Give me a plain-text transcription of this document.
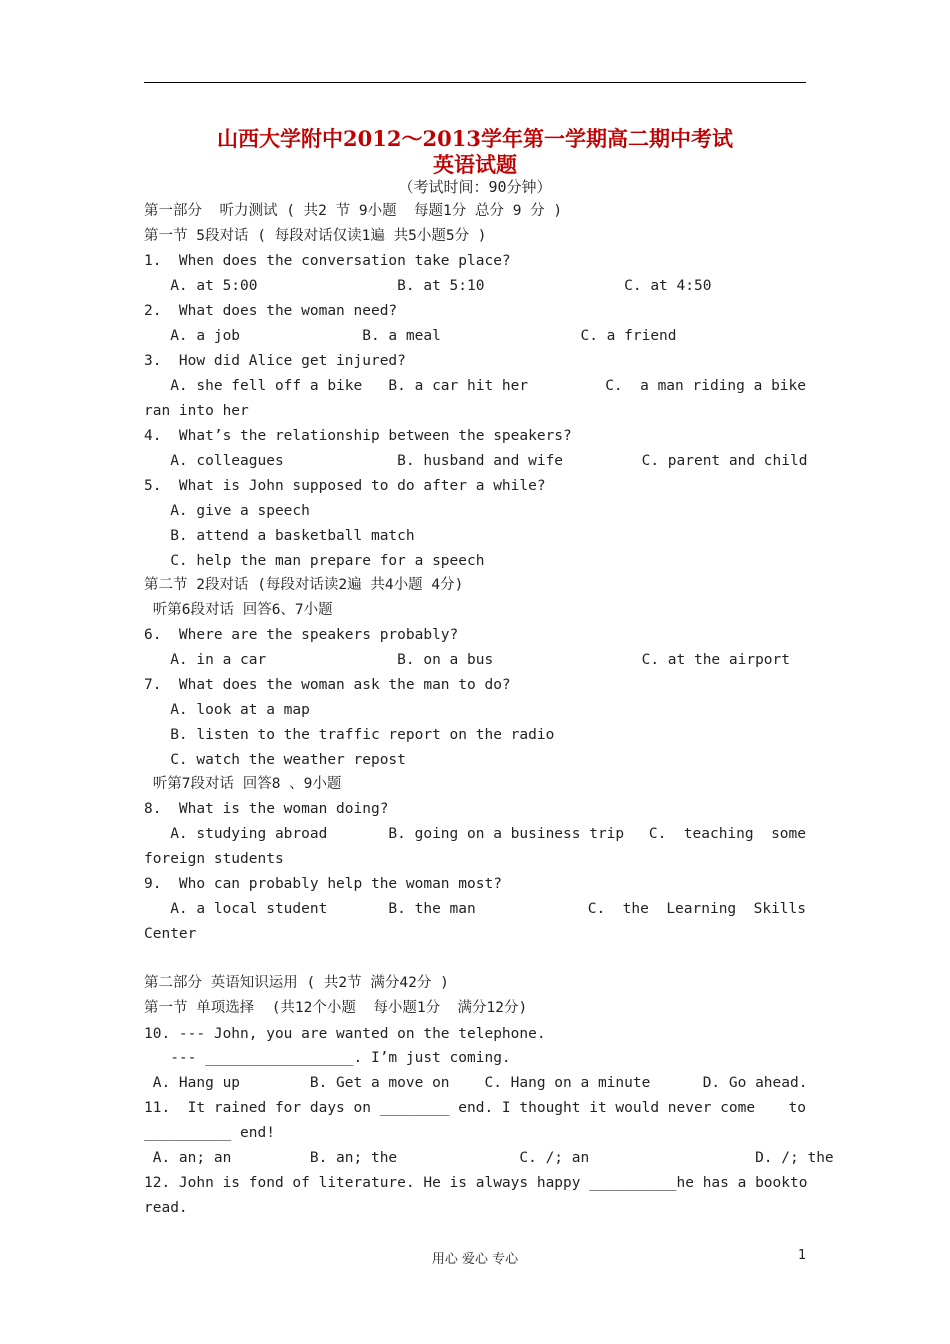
山西大学附中2012～2013学年第一学期高二期中考试
英语试题
（考试时间：90分钟）
第一部分  听力测试 ( 共2 节 9小题  每题1分 总分 9 分 )
第一节 5段对话 ( 每段对话仅读1遍 共5小题5分 )
1.  When does the conversation take place?
A. at 5:00                B. at 5:10                C. at 4:50
2.  What does the woman need?
A. a job              B. a meal                C. a friend
3.  How did Alice get injured?
A. she fell off a bike   B. a car hit her	C.  a man riding a bike
ran into her
4.  What’s the relationship between the speakers?
A. colleagues             B. husband and wife         C. parent and child
5.  What is John supposed to do after a while?
A. give a speech
B. attend a basketball match
C. help the man prepare for a speech
第二节 2段对话 (每段对话读2遍 共4小题 4分)
听第6段对话 回答6、7小题
6.  Where are the speakers probably?
A. in a car               B. on a bus                 C. at the airport
7.  What does the woman ask the man to do?
A. look at a map
B. listen to the traffic report on the radio
C. watch the weather repost
听第7段对话 回答8 、9小题
8.  What is the woman doing?
A. studying abroad       B. going on a business trip C.  teaching  some
foreign students
9.  Who can probably help the woman most?
A. a local student       B. the man	C.  the  Learning  Skills
Center
第二部分 英语知识运用 ( 共2节 满分42分 )
第一节 单项选择  (共12个小题  每小题1分  满分12分)
10. --- John, you are wanted on the telephone.
--- _________________. I’m just coming.
A. Hang up        B. Get a move on    C. Hang on a minute      D. Go ahead.
11.  It rained for days on ________ end. I thought it would never come to
__________ end!
A. an; an         B. an; the              C. /; an                   D. /; the
12. John is fond of literature. He is always happy __________he has a book to
read.
用心 爱心 专心	1
